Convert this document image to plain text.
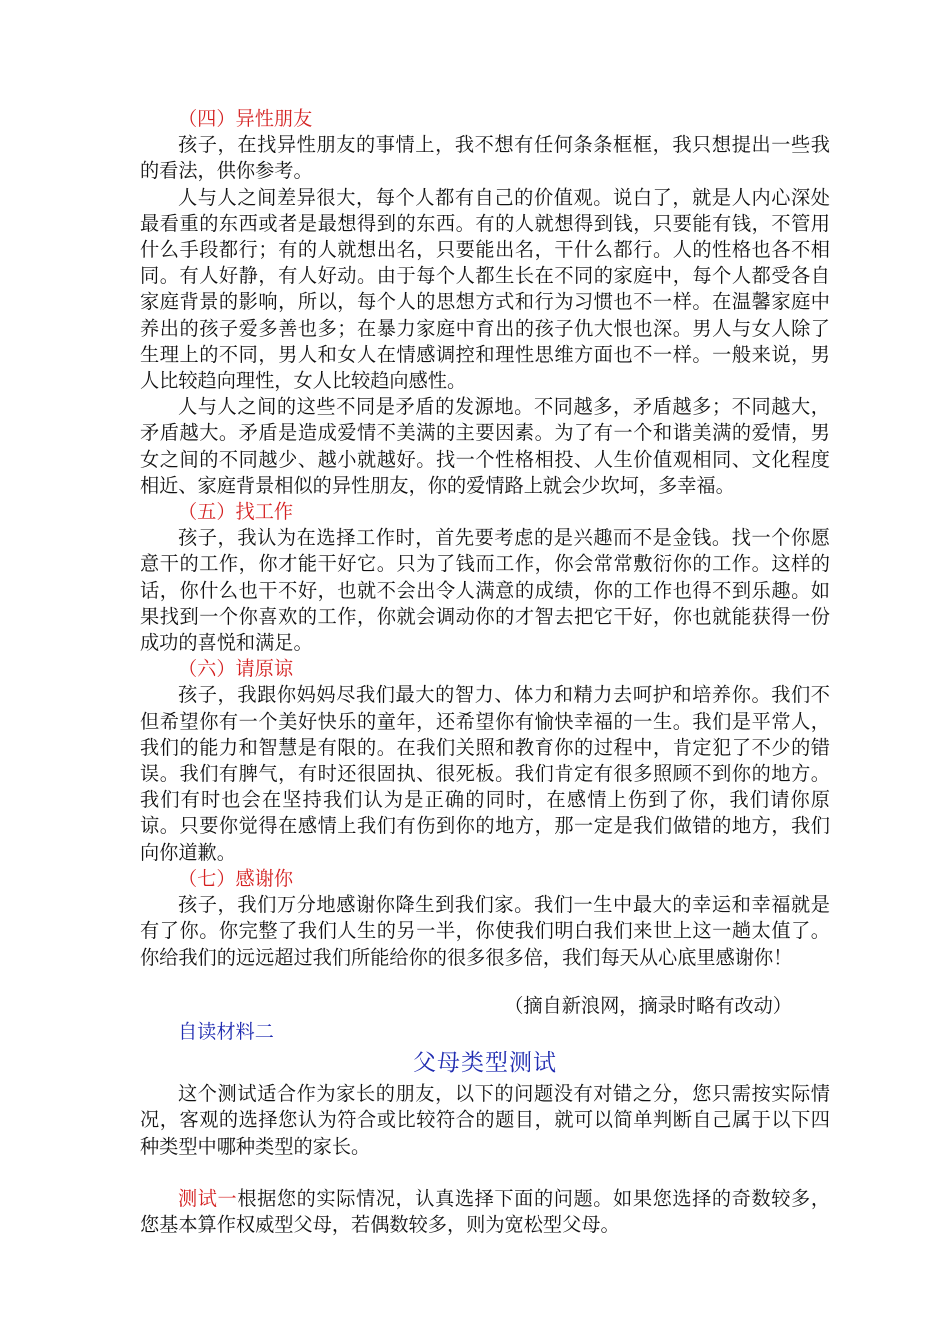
（四）异性朋友

孩子，在找异性朋友的事情上，我不想有任何条条框框，我只想提出一些我的看法，供你参考。

人与人之间差异很大，每个人都有自己的价值观。说白了，就是人内心深处最看重的东西或者是最想得到的东西。有的人就想得到钱，只要能有钱，不管用什么手段都行；有的人就想出名，只要能出名，干什么都行。人的性格也各不相同。有人好静，有人好动。由于每个人都生长在不同的家庭中，每个人都受各自家庭背景的影响，所以，每个人的思想方式和行为习惯也不一样。在温馨家庭中养出的孩子爱多善也多；在暴力家庭中育出的孩子仇大恨也深。男人与女人除了生理上的不同，男人和女人在情感调控和理性思维方面也不一样。一般来说，男人比较趋向理性，女人比较趋向感性。

人与人之间的这些不同是矛盾的发源地。不同越多，矛盾越多；不同越大，矛盾越大。矛盾是造成爱情不美满的主要因素。为了有一个和谐美满的爱情，男女之间的不同越少、越小就越好。找一个性格相投、人生价值观相同、文化程度相近、家庭背景相似的异性朋友，你的爱情路上就会少坎坷，多幸福。

（五）找工作

孩子，我认为在选择工作时，首先要考虑的是兴趣而不是金钱。找一个你愿意干的工作，你才能干好它。只为了钱而工作，你会常常敷衍你的工作。这样的话，你什么也干不好，也就不会出令人满意的成绩，你的工作也得不到乐趣。如果找到一个你喜欢的工作，你就会调动你的才智去把它干好，你也就能获得一份成功的喜悦和满足。

（六）请原谅

孩子，我跟你妈妈尽我们最大的智力、体力和精力去呵护和培养你。我们不但希望你有一个美好快乐的童年，还希望你有愉快幸福的一生。我们是平常人，我们的能力和智慧是有限的。在我们关照和教育你的过程中，肯定犯了不少的错误。我们有脾气，有时还很固执、很死板。我们肯定有很多照顾不到你的地方。我们有时也会在坚持我们认为是正确的同时，在感情上伤到了你，我们请你原谅。只要你觉得在感情上我们有伤到你的地方，那一定是我们做错的地方，我们向你道歉。

（七）感谢你

孩子，我们万分地感谢你降生到我们家。我们一生中最大的幸运和幸福就是有了你。你完整了我们人生的另一半，你使我们明白我们来世上这一趟太值了。你给我们的远远超过我们所能给你的很多很多倍，我们每天从心底里感谢你！

（摘自新浪网，摘录时略有改动）

自读材料二

父母类型测试

这个测试适合作为家长的朋友，以下的问题没有对错之分，您只需按实际情况，客观的选择您认为符合或比较符合的题目，就可以简单判断自己属于以下四种类型中哪种类型的家长。

测试一根据您的实际情况，认真选择下面的问题。如果您选择的奇数较多，您基本算作权威型父母，若偶数较多，则为宽松型父母。
